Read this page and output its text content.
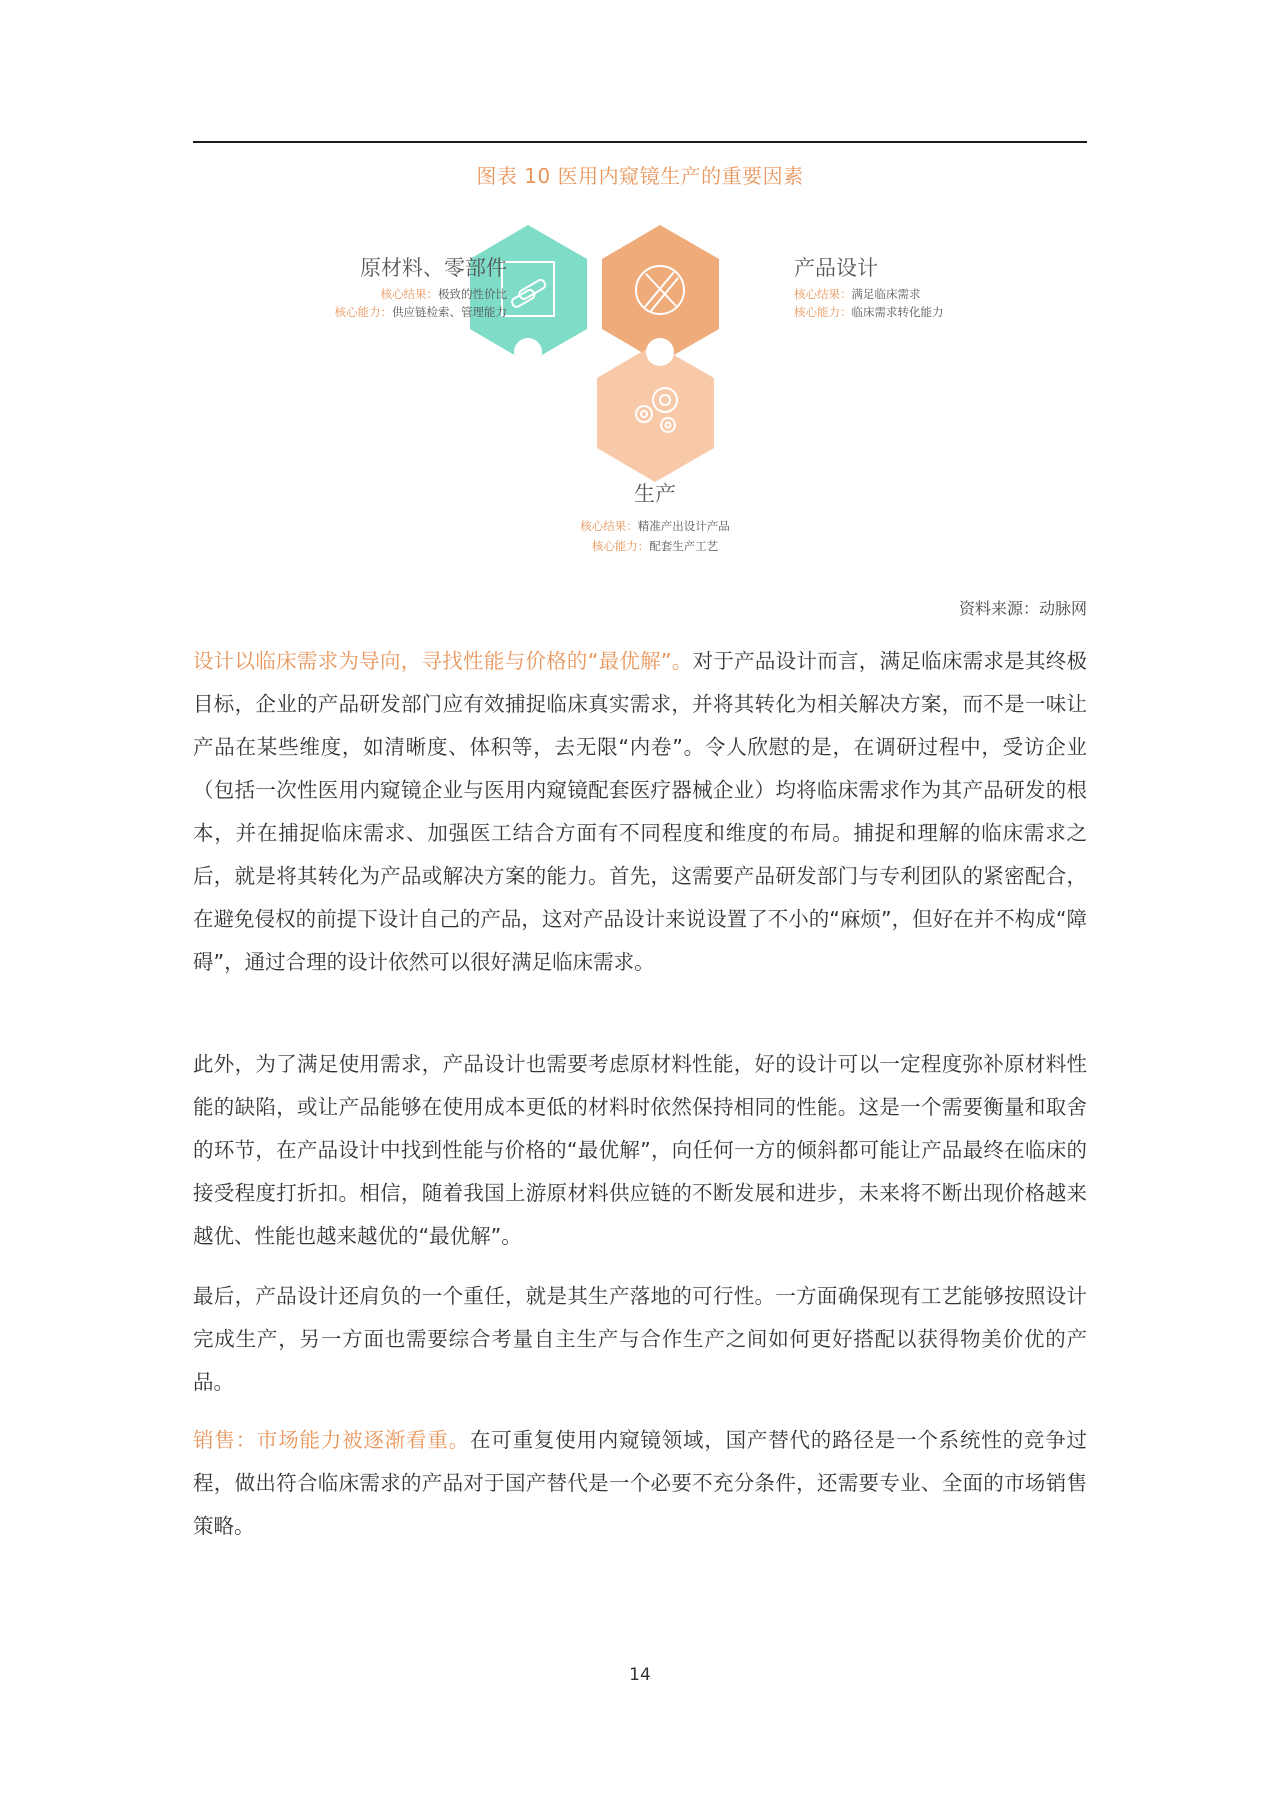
图表 10 医用内窥镜生产的重要因素
原材料、零部件
核心结果：极致的性价比
核心能力：供应链检索、管理能力
产品设计
核心结果：满足临床需求
核心能力：临床需求转化能力
生产
核心结果：精准产出设计产品
核心能力：配套生产工艺
资料来源：动脉网

设计以临床需求为导向，寻找性能与价格的“最优解”。对于产品设计而言，满足临床需求是其终极目标，企业的产品研发部门应有效捕捉临床真实需求，并将其转化为相关解决方案，而不是一味让产品在某些维度，如清晰度、体积等，去无限“内卷”。令人欣慰的是，在调研过程中，受访企业（包括一次性医用内窥镜企业与医用内窥镜配套医疗器械企业）均将临床需求作为其产品研发的根本，并在捕捉临床需求、加强医工结合方面有不同程度和维度的布局。捕捉和理解的临床需求之后，就是将其转化为产品或解决方案的能力。首先，这需要产品研发部门与专利团队的紧密配合，在避免侵权的前提下设计自己的产品，这对产品设计来说设置了不小的“麻烦”，但好在并不构成“障碍”，通过合理的设计依然可以很好满足临床需求。

此外，为了满足使用需求，产品设计也需要考虑原材料性能，好的设计可以一定程度弥补原材料性能的缺陷，或让产品能够在使用成本更低的材料时依然保持相同的性能。这是一个需要衡量和取舍的环节，在产品设计中找到性能与价格的“最优解”，向任何一方的倾斜都可能让产品最终在临床的接受程度打折扣。相信，随着我国上游原材料供应链的不断发展和进步，未来将不断出现价格越来越优、性能也越来越优的“最优解”。

最后，产品设计还肩负的一个重任，就是其生产落地的可行性。一方面确保现有工艺能够按照设计完成生产，另一方面也需要综合考量自主生产与合作生产之间如何更好搭配以获得物美价优的产品。

销售：市场能力被逐渐看重。在可重复使用内窥镜领域，国产替代的路径是一个系统性的竞争过程，做出符合临床需求的产品对于国产替代是一个必要不充分条件，还需要专业、全面的市场销售策略。

14
